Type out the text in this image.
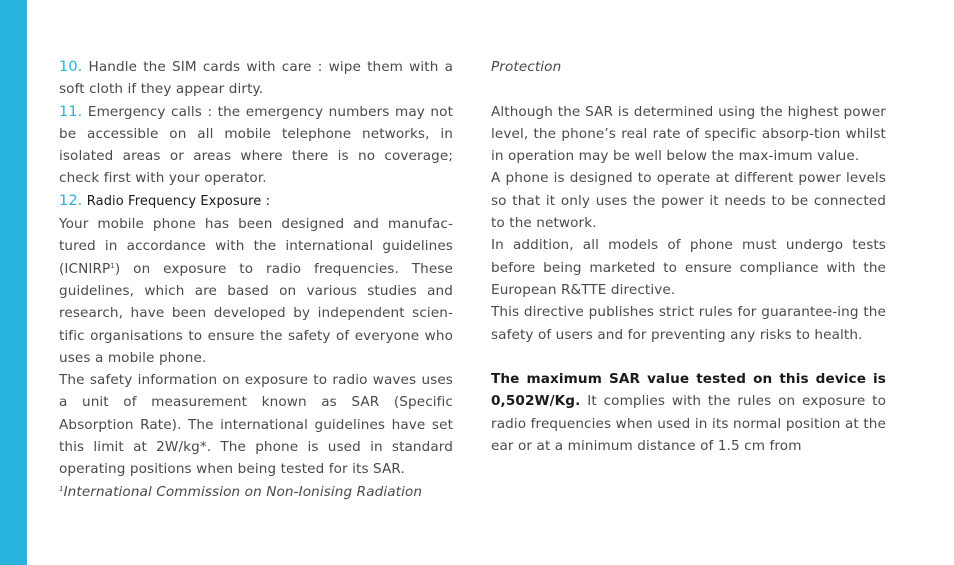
10. Handle the SIM cards with care : wipe them with a soft cloth if they appear dirty.

11. Emergency calls : the emergency numbers may not be accessible on all mobile telephone networks, in isolated areas or areas where there is no coverage; check first with your operator.

12. Radio Frequency Exposure :

Your mobile phone has been designed and manufac-tured in accordance with the international guidelines (ICNIRP$^1$) on exposure to radio frequencies. These guidelines, which are based on various studies and research, have been developed by independent scien-tific organisations to ensure the safety of everyone who uses a mobile phone.

The safety information on exposure to radio waves uses a unit of measurement known as SAR (Specific Absorption Rate). The international guidelines have set this limit at 2W/kg*. The phone is used in standard operating positions when being tested for its SAR.

$^1$International Commission on Non-Ionising Radiation

Protection

Although the SAR is determined using the highest power level, the phone’s real rate of specific absorp-tion whilst in operation may be well below the max-imum value.

A phone is designed to operate at different power levels so that it only uses the power it needs to be connected to the network.

In addition, all models of phone must undergo tests before being marketed to ensure compliance with the European R&TTE directive.

This directive publishes strict rules for guarantee-ing the safety of users and for preventing any risks to health.

The maximum SAR value tested on this device is 0,502W/Kg. It complies with the rules on exposure to radio frequencies when used in its normal position at the ear or at a minimum distance of 1.5 cm from
